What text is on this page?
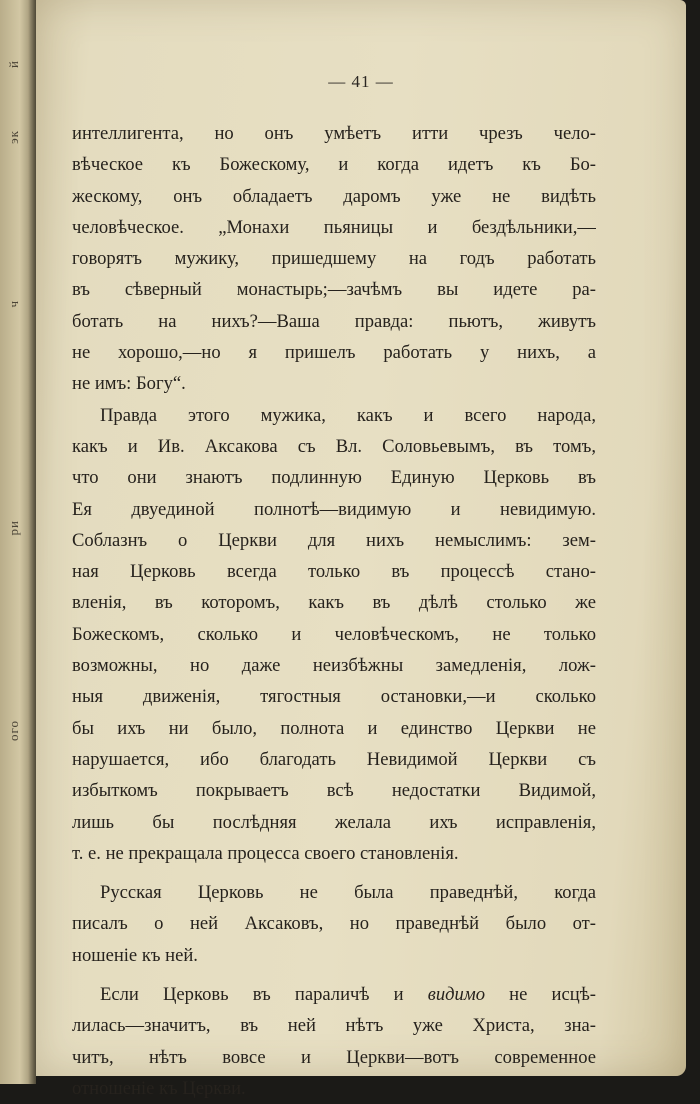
й
эк
ч
ри
ого
— 41 —
интеллигента, но онъ умѣетъ итти чрезъ чело-
вѣческое къ Божескому, и когда идетъ къ Бо-
жескому, онъ обладаетъ даромъ уже не видѣть
человѣческое. „Монахи пьяницы и бездѣльники,—
говорятъ мужику, пришедшему на годъ работать
въ сѣверный монастырь;—зачѣмъ вы идете ра-
ботать на нихъ?—Ваша правда: пьютъ, живутъ
не хорошо,—но я пришелъ работать у нихъ, а
не имъ: Богу“.
Правда этого мужика, какъ и всего народа,
какъ и Ив. Аксакова съ Вл. Соловьевымъ, въ томъ,
что они знаютъ подлинную Единую Церковь въ
Ея двуединой полнотѣ—видимую и невидимую.
Соблазнъ о Церкви для нихъ немыслимъ: зем-
ная Церковь всегда только въ процессѣ стано-
вленія, въ которомъ, какъ въ дѣлѣ столько же
Божескомъ, сколько и человѣческомъ, не только
возможны, но даже неизбѣжны замедленія, лож-
ныя движенія, тягостныя остановки,—и сколько
бы ихъ ни было, полнота и единство Церкви не
нарушается, ибо благодать Невидимой Церкви съ
избыткомъ покрываетъ всѣ недостатки Видимой,
лишь бы послѣдняя желала ихъ исправленія,
т. е. не прекращала процесса своего становленія.
Русская Церковь не была праведнѣй, когда
писалъ о ней Аксаковъ, но праведнѣй было от-
ношеніе къ ней.
Если Церковь въ параличѣ и видимо не исцѣ-
лилась—значитъ, въ ней нѣтъ уже Христа, зна-
читъ, нѣтъ вовсе и Церкви—вотъ современное
отношеніе къ Церкви.
